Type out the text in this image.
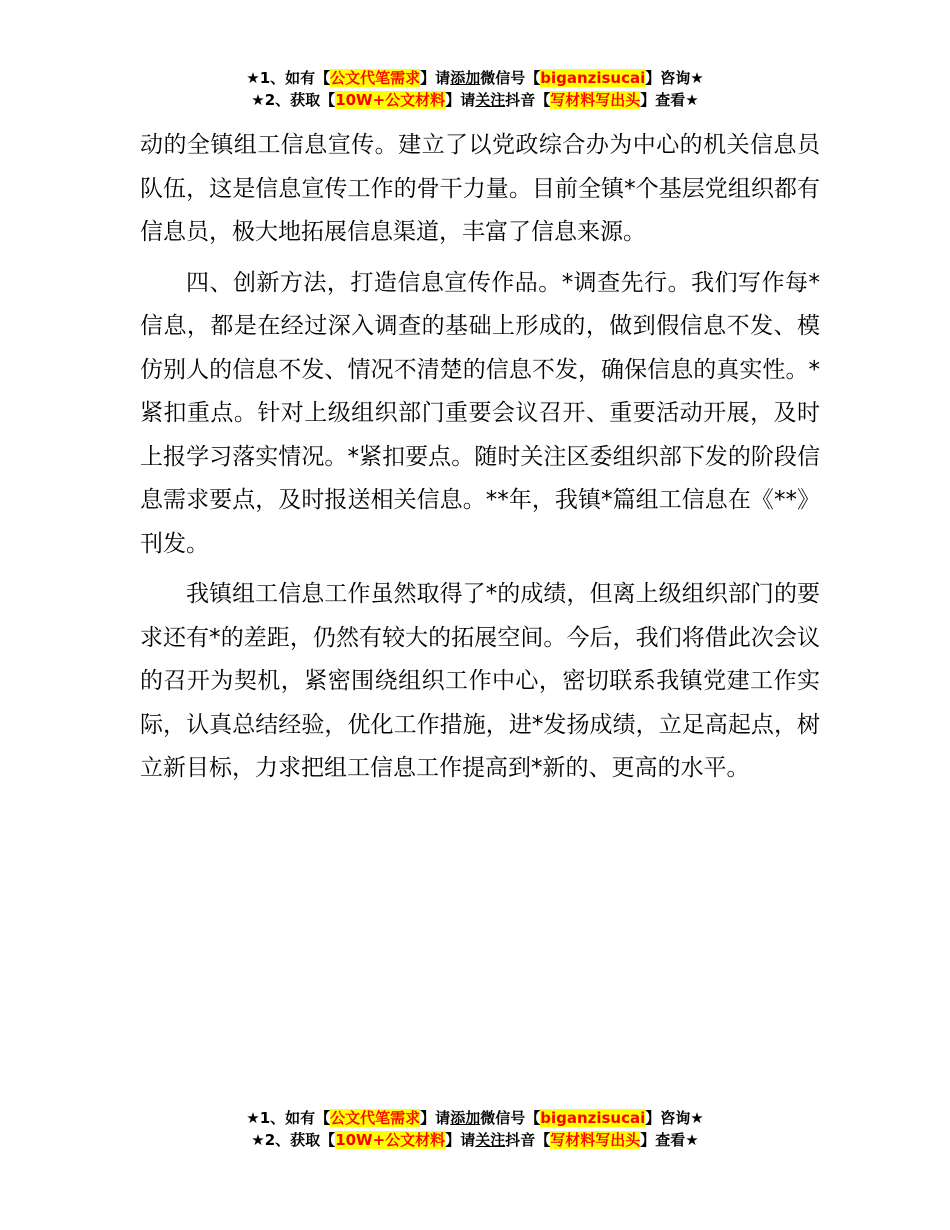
★1、如有【公文代笔需求】请添加微信号【biganzisucai】咨询★
★2、获取【10W+公文材料】请关注抖音【写材料写出头】查看★

动的全镇组工信息宣传。建立了以党政综合办为中心的机关信息员队伍，这是信息宣传工作的骨干力量。目前全镇*个基层党组织都有信息员，极大地拓展信息渠道，丰富了信息来源。

四、创新方法，打造信息宣传作品。*调查先行。我们写作每*信息，都是在经过深入调查的基础上形成的，做到假信息不发、模仿别人的信息不发、情况不清楚的信息不发，确保信息的真实性。*紧扣重点。针对上级组织部门重要会议召开、重要活动开展，及时上报学习落实情况。*紧扣要点。随时关注区委组织部下发的阶段信息需求要点，及时报送相关信息。**年，我镇*篇组工信息在《**》刊发。

我镇组工信息工作虽然取得了*的成绩，但离上级组织部门的要求还有*的差距，仍然有较大的拓展空间。今后，我们将借此次会议的召开为契机，紧密围绕组织工作中心，密切联系我镇党建工作实际，认真总结经验，优化工作措施，进*发扬成绩，立足高起点，树立新目标，力求把组工信息工作提高到*新的、更高的水平。

★1、如有【公文代笔需求】请添加微信号【biganzisucai】咨询★
★2、获取【10W+公文材料】请关注抖音【写材料写出头】查看★
